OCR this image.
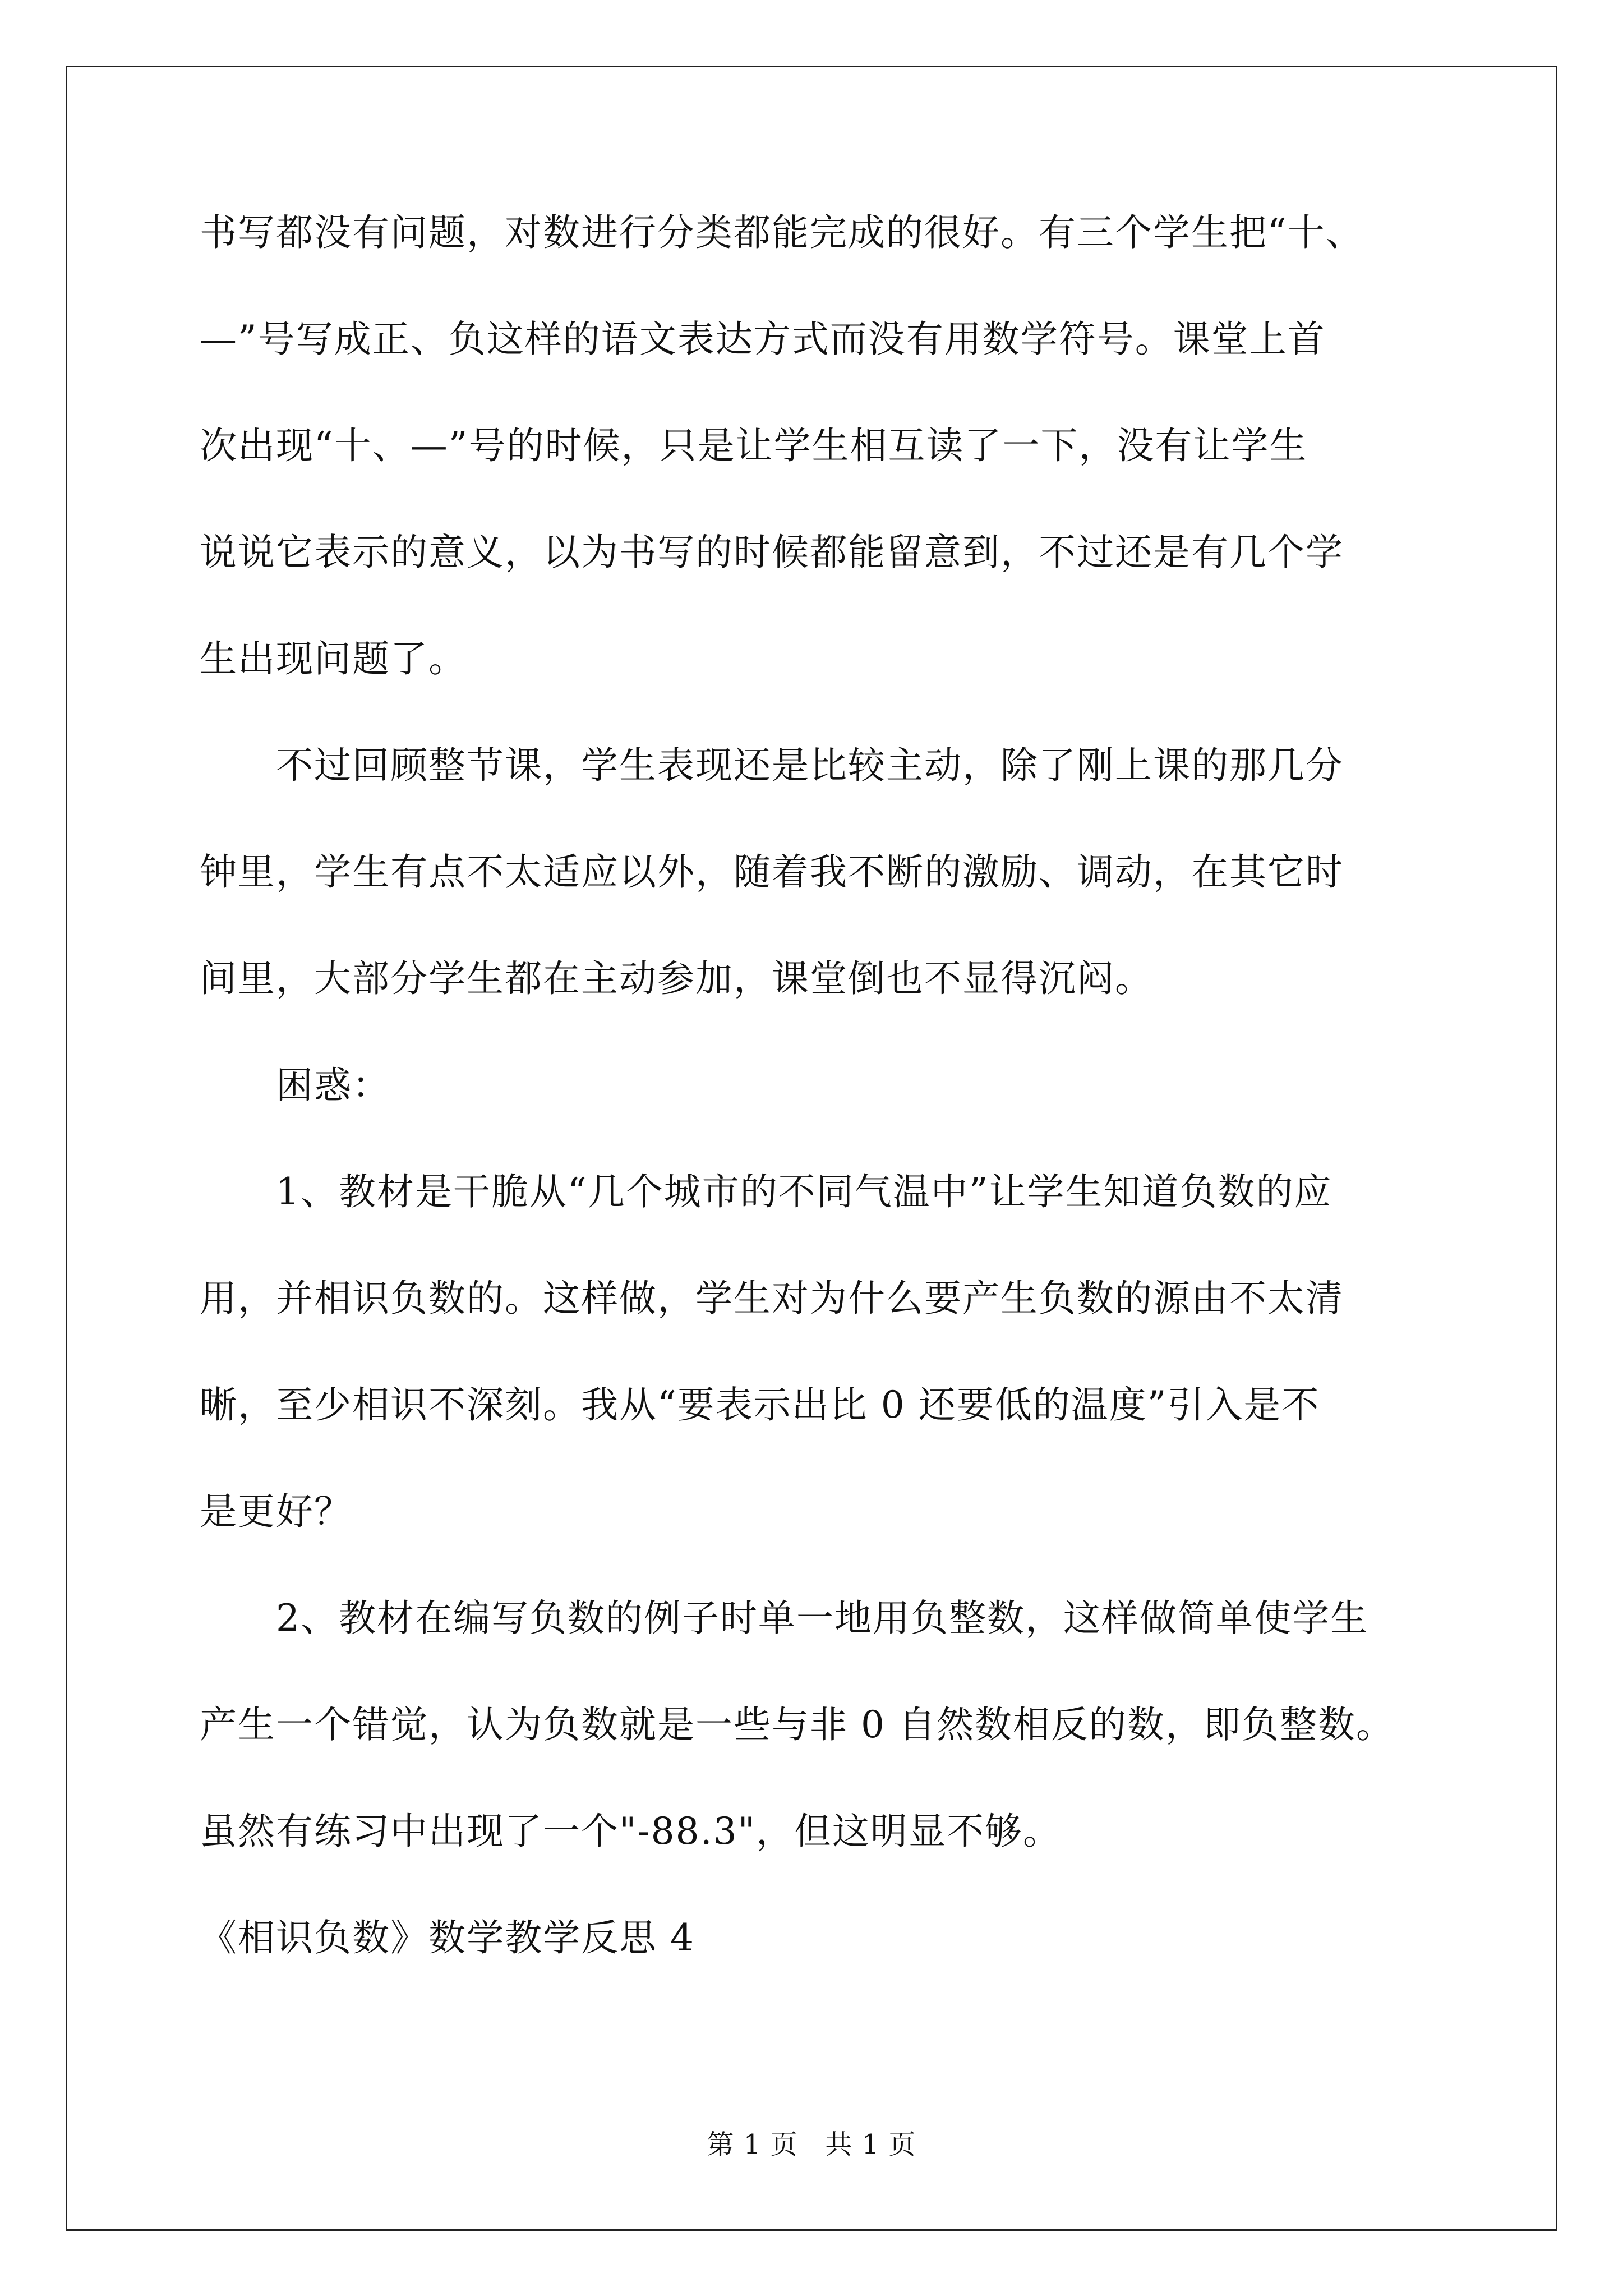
书写都没有问题，对数进行分类都能完成的很好。有三个学生把“十、
—”号写成正、负这样的语文表达方式而没有用数学符号。课堂上首
次出现“十、—”号的时候，只是让学生相互读了一下，没有让学生
说说它表示的意义，以为书写的时候都能留意到，不过还是有几个学
生出现问题了。
　　不过回顾整节课，学生表现还是比较主动，除了刚上课的那几分
钟里，学生有点不太适应以外，随着我不断的激励、调动，在其它时
间里，大部分学生都在主动参加，课堂倒也不显得沉闷。
　　困惑：
　　1、教材是干脆从“几个城市的不同气温中”让学生知道负数的应
用，并相识负数的。这样做，学生对为什么要产生负数的源由不太清
晰，至少相识不深刻。我从“要表示出比 0 还要低的温度”引入是不
是更好？
　　2、教材在编写负数的例子时单一地用负整数，这样做简单使学生
产生一个错觉，认为负数就是一些与非 0 自然数相反的数，即负整数。
虽然有练习中出现了一个"-88.3"，但这明显不够。
《相识负数》数学教学反思 4
第 1 页   共 1 页
